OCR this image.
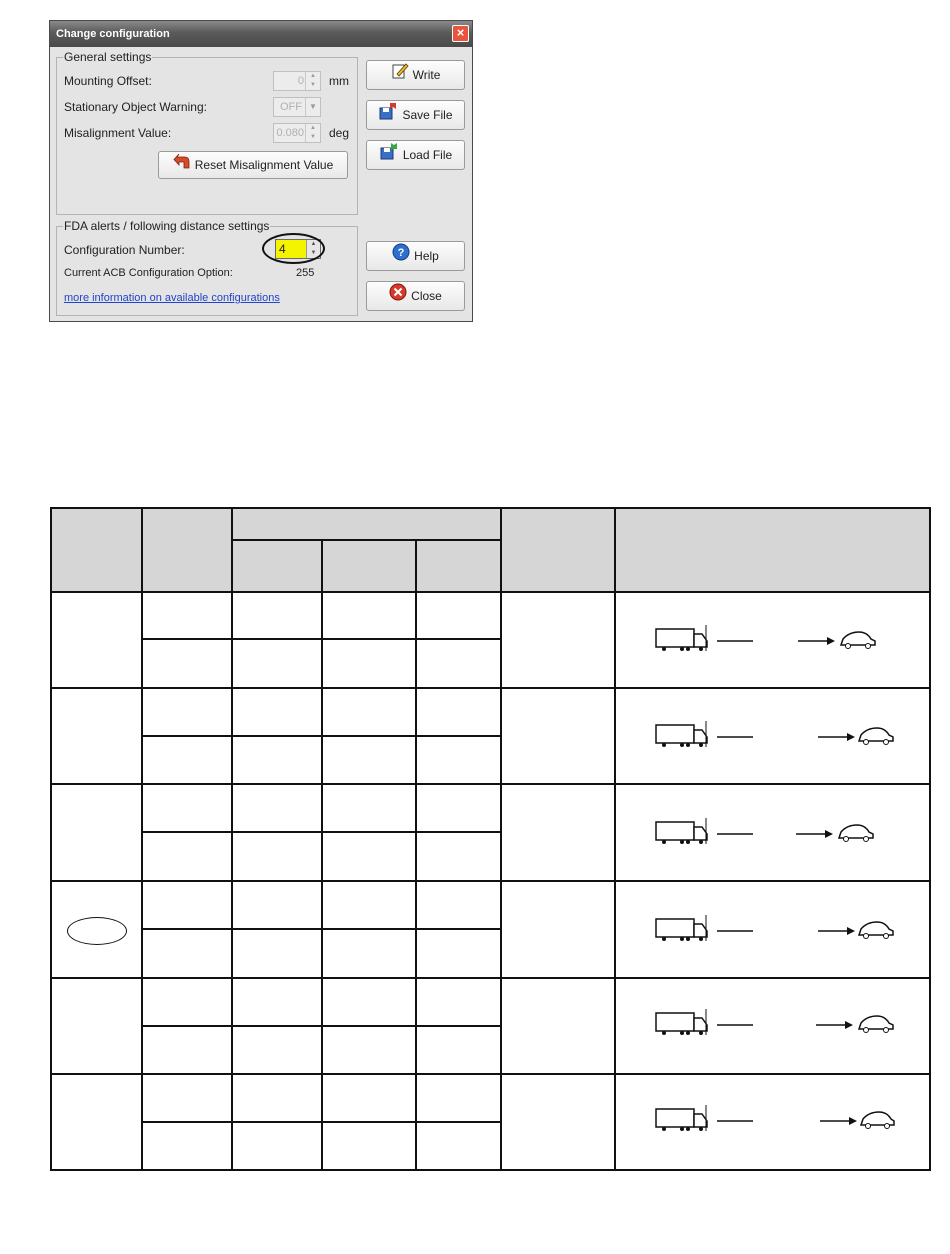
Change configuration	×
General settings
Mounting Offset:	0	▲
▼	mm
Stationary Object Warning:	OFF ▼
Misalignment Value:	0.080	▲
▼	deg
Reset Misalignment Value
FDA alerts / following distance settings
Configuration Number:	4	▲
▼
Current ACB Configuration Option:	255
more information on available configurations
Write
Save File
Load File
? Help
Close
